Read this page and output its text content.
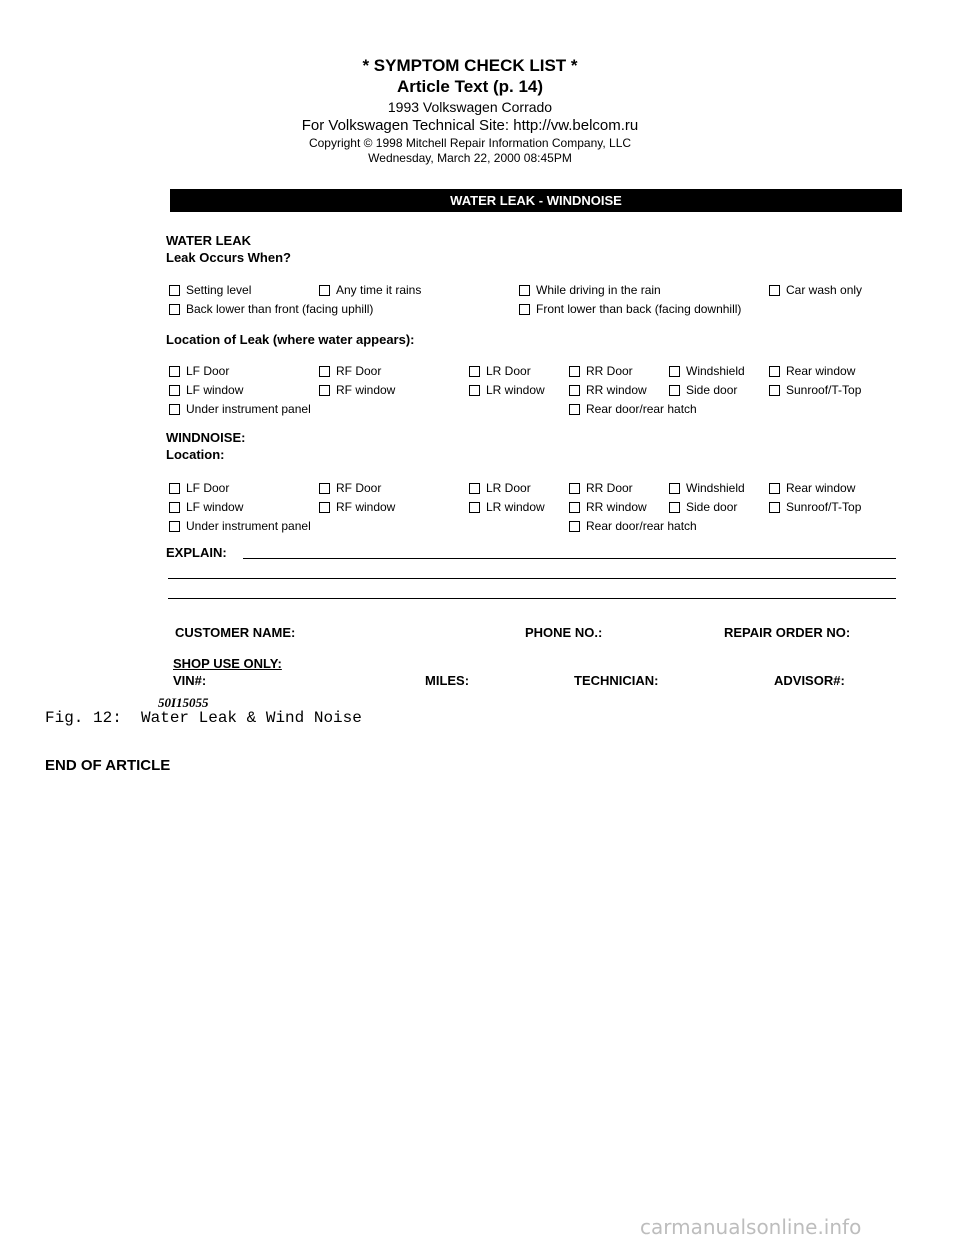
* SYMPTOM CHECK LIST *
Article Text (p. 14)
1993 Volkswagen Corrado
For Volkswagen Technical Site: http://vw.belcom.ru
Copyright © 1998 Mitchell Repair Information Company, LLC
Wednesday, March 22, 2000 08:45PM
WATER LEAK - WINDNOISE
WATER LEAK
Leak Occurs When?
Setting level	Any time it rains	While driving in the rain	Car wash only
Back lower than front (facing uphill)	Front lower than back (facing downhill)
Location of Leak (where water appears):
LF Door	RF Door	LR Door	RR Door	Windshield	Rear window
LF window	RF window	LR window	RR window	Side door	Sunroof/T-Top
Under instrument panel	Rear door/rear hatch
WINDNOISE:
Location:
LF Door	RF Door	LR Door	RR Door	Windshield	Rear window
LF window	RF window	LR window	RR window	Side door	Sunroof/T-Top
Under instrument panel	Rear door/rear hatch
EXPLAIN:
CUSTOMER NAME:	PHONE NO.:	REPAIR ORDER NO:
SHOP USE ONLY:
VIN#:	MILES:	TECHNICIAN:	ADVISOR#:
50I15055
Fig. 12:  Water Leak & Wind Noise
END OF ARTICLE
carmanualsonline.info
